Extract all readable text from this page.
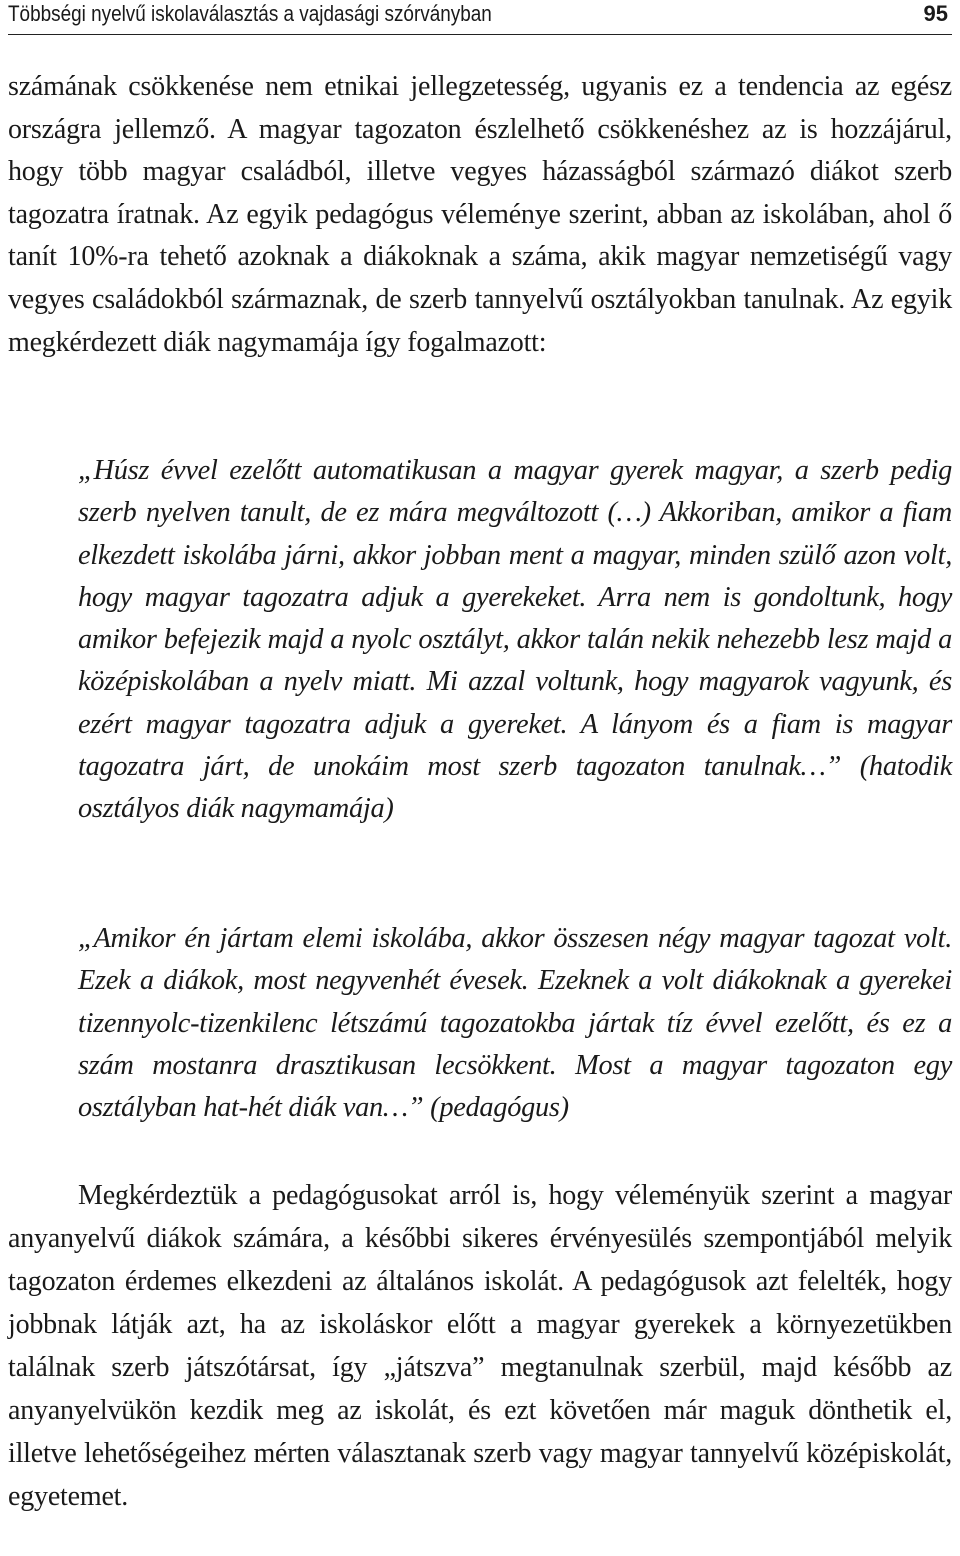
Többségi nyelvű iskolaválasztás a vajdasági szórványban	95

számának csökkenése nem etnikai jellegzetesség, ugyanis ez a tendencia az egész országra jellemző. A magyar tagozaton észlelhető csökkenéshez az is hozzájárul, hogy több magyar családból, illetve vegyes házasságból származó diákot szerb tagozatra íratnak. Az egyik pedagógus véleménye szerint, abban az iskolában, ahol ő tanít 10%-ra tehető azoknak a diákoknak a száma, akik magyar nemzetiségű vagy vegyes családokból származnak, de szerb tannyelvű osztályokban tanulnak. Az egyik megkérdezett diák nagymamája így fogalmazott:

„Húsz évvel ezelőtt automatikusan a magyar gyerek magyar, a szerb pedig szerb nyelven tanult, de ez mára megváltozott (…) Akkoriban, amikor a fiam elkezdett iskolába járni, akkor jobban ment a magyar, minden szülő azon volt, hogy magyar tagozatra adjuk a gyerekeket. Arra nem is gondoltunk, hogy amikor befejezik majd a nyolc osztályt, akkor talán nekik nehezebb lesz majd a középiskolában a nyelv miatt. Mi azzal voltunk, hogy magyarok vagyunk, és ezért magyar tagozatra adjuk a gyereket. A lányom és a fiam is magyar tagozatra járt, de unokáim most szerb tagozaton tanulnak…” (hatodik osztályos diák nagymamája)

„Amikor én jártam elemi iskolába, akkor összesen négy magyar tagozat volt. Ezek a diákok, most negyvenhét évesek. Ezeknek a volt diákoknak a gyerekei tizennyolc-tizenkilenc létszámú tagozatokba jártak tíz évvel ezelőtt, és ez a szám mostanra drasztikusan lecsökkent. Most a magyar tagozaton egy osztályban hat-hét diák van…” (pedagógus)

Megkérdeztük a pedagógusokat arról is, hogy véleményük szerint a magyar anyanyelvű diákok számára, a későbbi sikeres érvényesülés szempontjából melyik tagozaton érdemes elkezdeni az általános iskolát. A pedagógusok azt felelték, hogy jobbnak látják azt, ha az iskoláskor előtt a magyar gyerekek a környezetükben találnak szerb játszótársat, így „játszva” megtanulnak szerbül, majd később az anyanyelvükön kezdik meg az iskolát, és ezt követően már maguk dönthetik el, illetve lehetőségeihez mérten választanak szerb vagy magyar tannyelvű középiskolát, egyetemet.
